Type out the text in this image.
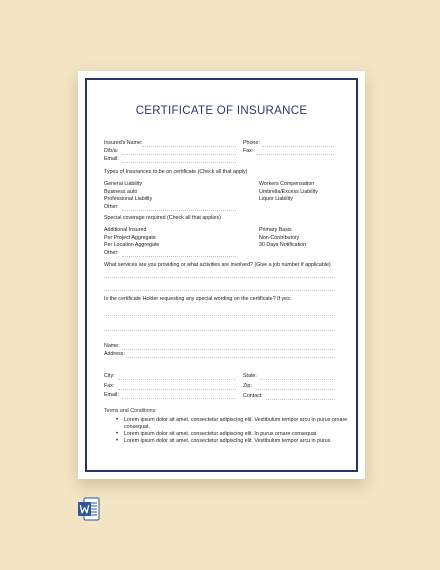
CERTIFICATE OF INSURANCE
Insured's Name:	Phone:
D/b/a:	Fax:
Email:
Types of Insurances to be on certificate (Check all that apply)
General Liability
Business auto
Professional Liability
Other:
Workers Compensation
Umbrella/Excess Liability
Liquor Liability
Special coverage required (Check all that applies)
Additional Insured
Per Project Aggregate
Per Location Aggregate
Other:
Primary Basis
Non-Contributory
30 Days Notification
What services are you providing or what activities are involved? (Give a job number if applicable)
Is the certificate Holder requesting any special wording on the certificate? If yes:
Name:
Address:
City:	State:
Fax:	Zip:
Email:	Contact:
Terms and Conditions:
• Lorem ipsum dolor sit amet, consectetur adipiscing elit. Vestibulum tempor arcu in purus ornare consequat.
• Lorem ipsum dolor sit amet, consectetur adipiscing elit. In purus ornare consequat
• Lorem ipsum dolor sit amet, consectetur adipiscing elit. Vestibulum tempor arcu in purus
